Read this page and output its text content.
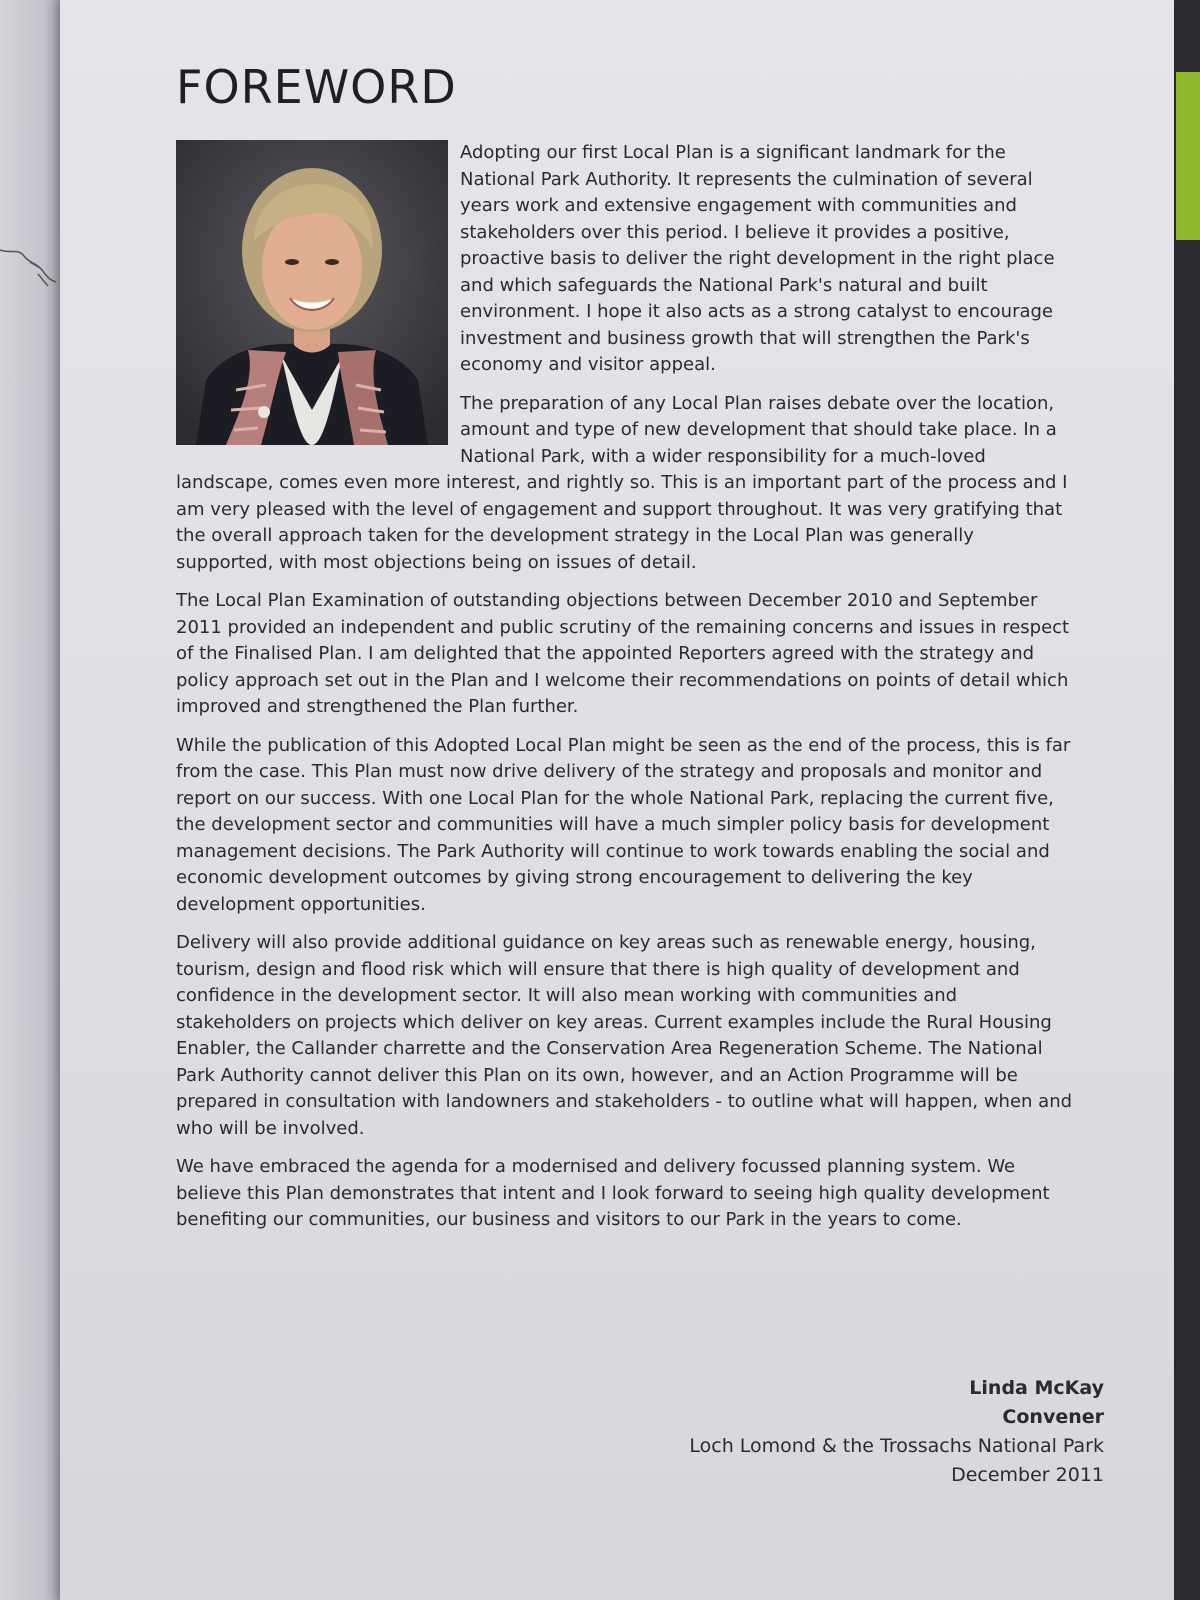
FOREWORD

Adopting our first Local Plan is a significant landmark for the National Park Authority. It represents the culmination of several years work and extensive engagement with communities and stakeholders over this period. I believe it provides a positive, proactive basis to deliver the right development in the right place and which safeguards the National Park's natural and built environment. I hope it also acts as a strong catalyst to encourage investment and business growth that will strengthen the Park's economy and visitor appeal.

The preparation of any Local Plan raises debate over the location, amount and type of new development that should take place. In a National Park, with a wider responsibility for a much-loved landscape, comes even more interest, and rightly so. This is an important part of the process and I am very pleased with the level of engagement and support throughout. It was very gratifying that the overall approach taken for the development strategy in the Local Plan was generally supported, with most objections being on issues of detail.

The Local Plan Examination of outstanding objections between December 2010 and September 2011 provided an independent and public scrutiny of the remaining concerns and issues in respect of the Finalised Plan. I am delighted that the appointed Reporters agreed with the strategy and policy approach set out in the Plan and I welcome their recommendations on points of detail which improved and strengthened the Plan further.

While the publication of this Adopted Local Plan might be seen as the end of the process, this is far from the case. This Plan must now drive delivery of the strategy and proposals and monitor and report on our success. With one Local Plan for the whole National Park, replacing the current five, the development sector and communities will have a much simpler policy basis for development management decisions. The Park Authority will continue to work towards enabling the social and economic development outcomes by giving strong encouragement to delivering the key development opportunities.

Delivery will also provide additional guidance on key areas such as renewable energy, housing, tourism, design and flood risk which will ensure that there is high quality of development and confidence in the development sector. It will also mean working with communities and stakeholders on projects which deliver on key areas. Current examples include the Rural Housing Enabler, the Callander charrette and the Conservation Area Regeneration Scheme. The National Park Authority cannot deliver this Plan on its own, however, and an Action Programme will be prepared in consultation with landowners and stakeholders - to outline what will happen, when and who will be involved.

We have embraced the agenda for a modernised and delivery focussed planning system. We believe this Plan demonstrates that intent and I look forward to seeing high quality development benefiting our communities, our business and visitors to our Park in the years to come.

Linda McKay
Convener
Loch Lomond & the Trossachs National Park
December 2011
